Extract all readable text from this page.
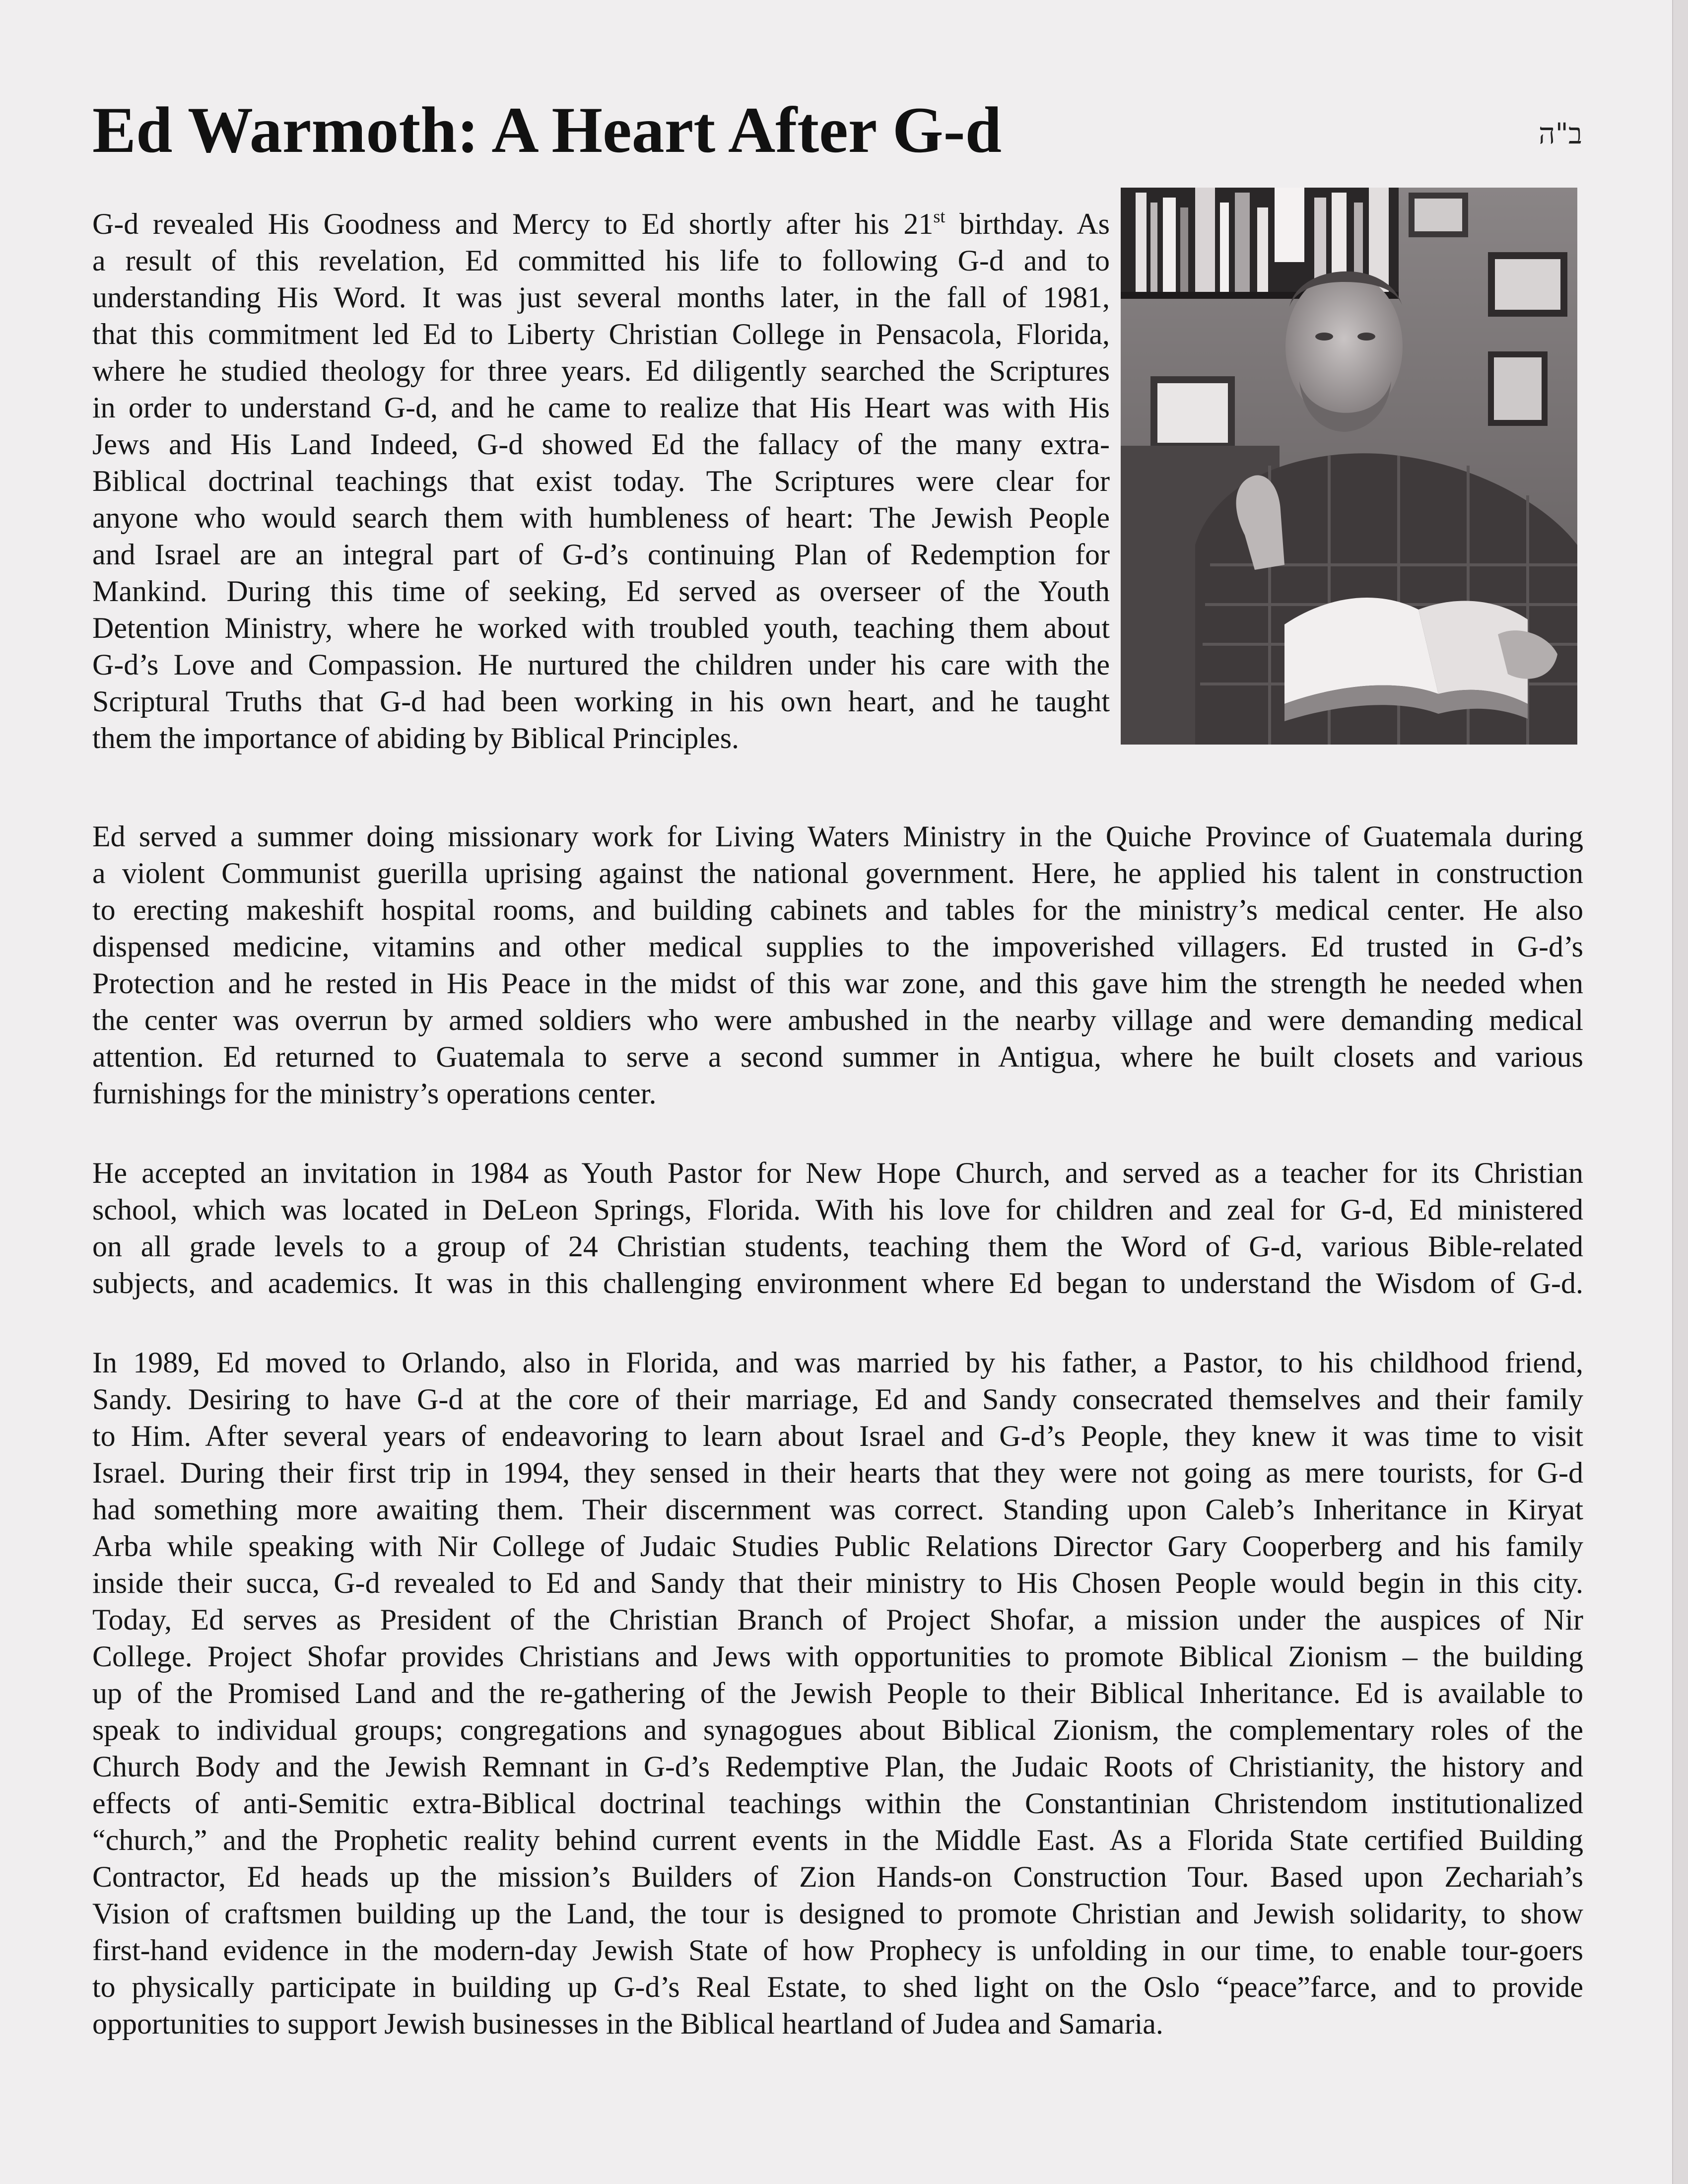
Ed Warmoth: A Heart After G-d	ב"ה
G-d revealed His Goodness and Mercy to Ed shortly after his 21st birthday. As
a result of this revelation, Ed committed his life to following G-d and to
understanding His Word. It was just several months later, in the fall of 1981,
that this commitment led Ed to Liberty Christian College in Pensacola, Florida,
where he studied theology for three years. Ed diligently searched the Scriptures
in order to understand G-d, and he came to realize that His Heart was with His
Jews and His Land Indeed, G-d showed Ed the fallacy of the many extra-
Biblical doctrinal teachings that exist today. The Scriptures were clear for
anyone who would search them with humbleness of heart: The Jewish People
and Israel are an integral part of G-d’s continuing Plan of Redemption for
Mankind. During this time of seeking, Ed served as overseer of the Youth
Detention Ministry, where he worked with troubled youth, teaching them about
G-d’s Love and Compassion. He nurtured the children under his care with the
Scriptural Truths that G-d had been working in his own heart, and he taught
them the importance of abiding by Biblical Principles.
Ed served a summer doing missionary work for Living Waters Ministry in the Quiche Province of Guatemala during
a violent Communist guerilla uprising against the national government. Here, he applied his talent in construction
to erecting makeshift hospital rooms, and building cabinets and tables for the ministry’s medical center. He also
dispensed medicine, vitamins and other medical supplies to the impoverished villagers. Ed trusted in G-d’s
Protection and he rested in His Peace in the midst of this war zone, and this gave him the strength he needed when
the center was overrun by armed soldiers who were ambushed in the nearby village and were demanding medical
attention. Ed returned to Guatemala to serve a second summer in Antigua, where he built closets and various
furnishings for the ministry’s operations center.
He accepted an invitation in 1984 as Youth Pastor for New Hope Church, and served as a teacher for its Christian
school, which was located in DeLeon Springs, Florida. With his love for children and zeal for G-d, Ed ministered
on all grade levels to a group of 24 Christian students, teaching them the Word of G-d, various Bible-related
subjects, and academics. It was in this challenging environment where Ed began to understand the Wisdom of G-d.
In 1989, Ed moved to Orlando, also in Florida, and was married by his father, a Pastor, to his childhood friend,
Sandy. Desiring to have G-d at the core of their marriage, Ed and Sandy consecrated themselves and their family
to Him. After several years of endeavoring to learn about Israel and G-d’s People, they knew it was time to visit
Israel. During their first trip in 1994, they sensed in their hearts that they were not going as mere tourists, for G-d
had something more awaiting them. Their discernment was correct. Standing upon Caleb’s Inheritance in Kiryat
Arba while speaking with Nir College of Judaic Studies Public Relations Director Gary Cooperberg and his family
inside their succa, G-d revealed to Ed and Sandy that their ministry to His Chosen People would begin in this city.
Today, Ed serves as President of the Christian Branch of Project Shofar, a mission under the auspices of Nir
College. Project Shofar provides Christians and Jews with opportunities to promote Biblical Zionism – the building
up of the Promised Land and the re-gathering of the Jewish People to their Biblical Inheritance. Ed is available to
speak to individual groups; congregations and synagogues about Biblical Zionism, the complementary roles of the
Church Body and the Jewish Remnant in G-d’s Redemptive Plan, the Judaic Roots of Christianity, the history and
effects of anti-Semitic extra-Biblical doctrinal teachings within the Constantinian Christendom institutionalized
“church,” and the Prophetic reality behind current events in the Middle East. As a Florida State certified Building
Contractor, Ed heads up the mission’s Builders of Zion Hands-on Construction Tour. Based upon Zechariah’s
Vision of craftsmen building up the Land, the tour is designed to promote Christian and Jewish solidarity, to show
first-hand evidence in the modern-day Jewish State of how Prophecy is unfolding in our time, to enable tour-goers
to physically participate in building up G-d’s Real Estate, to shed light on the Oslo “peace”farce, and to provide
opportunities to support Jewish businesses in the Biblical heartland of Judea and Samaria.
